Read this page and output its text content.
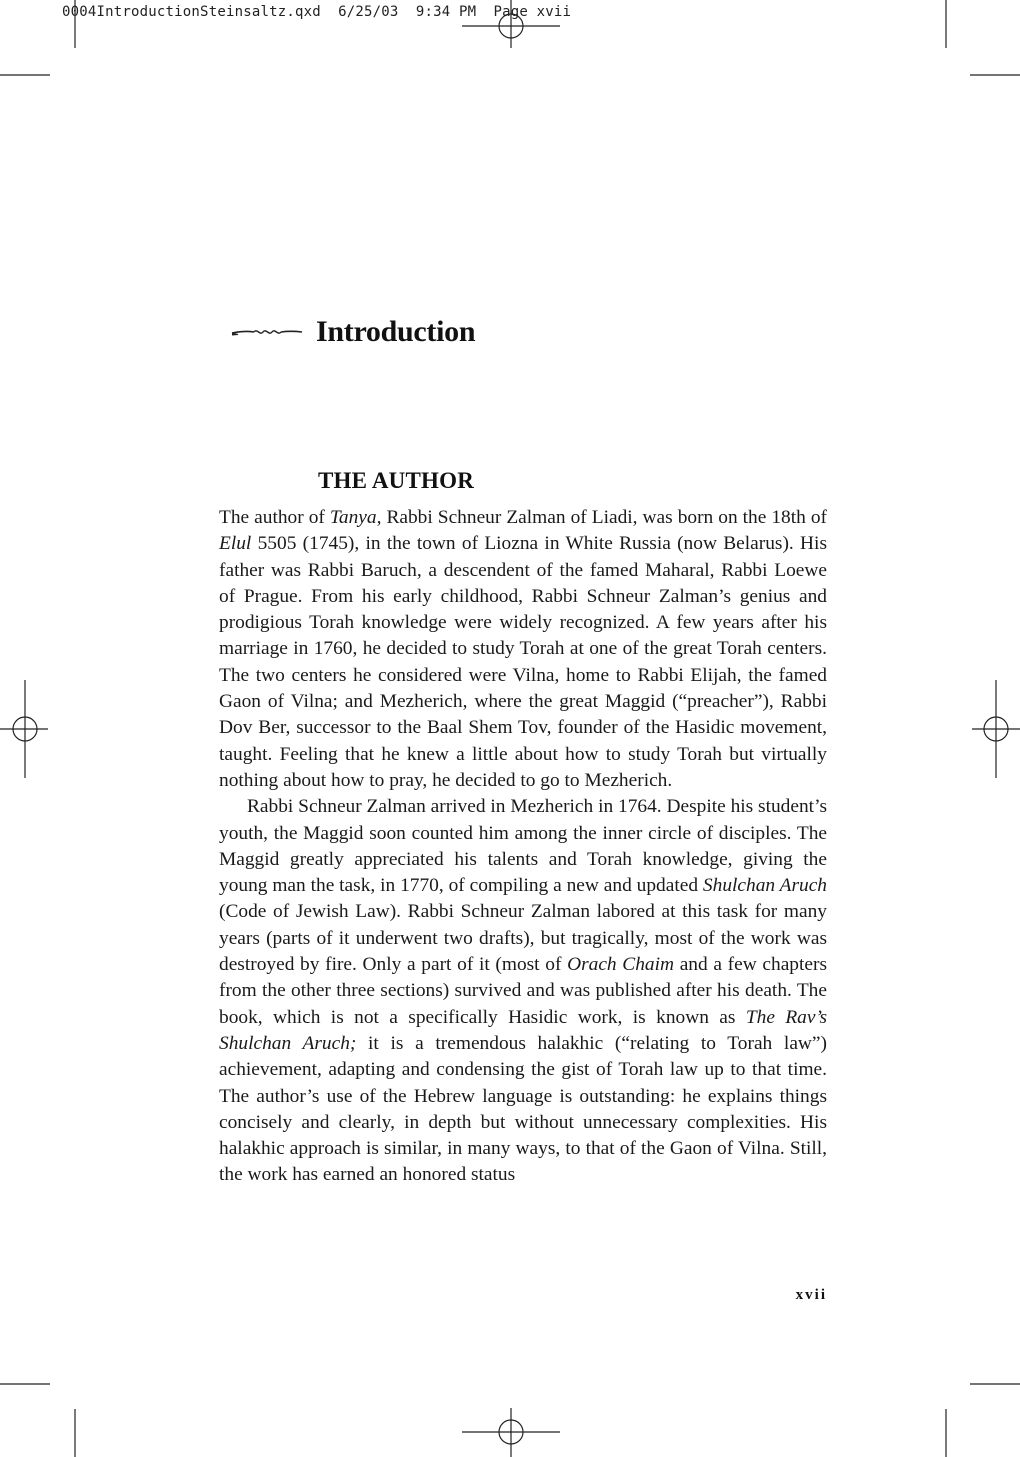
0004IntroductionSteinsaltz.qxd 6/25/03 9:34 PM Page xvii
Introduction
THE AUTHOR

The author of Tanya, Rabbi Schneur Zalman of Liadi, was born on the 18th of Elul 5505 (1745), in the town of Liozna in White Russia (now Belarus). His father was Rabbi Baruch, a descendent of the famed Maharal, Rabbi Loewe of Prague. From his early childhood, Rabbi Schneur Zalman’s genius and prodigious Torah knowledge were widely recognized. A few years after his marriage in 1760, he decided to study Torah at one of the great Torah centers. The two centers he considered were Vilna, home to Rabbi Elijah, the famed Gaon of Vilna; and Mezherich, where the great Maggid (“preacher”), Rabbi Dov Ber, successor to the Baal Shem Tov, founder of the Hasidic movement, taught. Feeling that he knew a little about how to study Torah but virtually nothing about how to pray, he decided to go to Mezherich.

Rabbi Schneur Zalman arrived in Mezherich in 1764. Despite his student’s youth, the Maggid soon counted him among the inner circle of disciples. The Maggid greatly appreciated his talents and Torah knowledge, giving the young man the task, in 1770, of compiling a new and updated Shulchan Aruch (Code of Jewish Law). Rabbi Schneur Zalman labored at this task for many years (parts of it underwent two drafts), but tragically, most of the work was destroyed by fire. Only a part of it (most of Orach Chaim and a few chapters from the other three sections) survived and was published after his death. The book, which is not a specifically Hasidic work, is known as The Rav’s Shulchan Aruch; it is a tremendous halakhic (“relating to Torah law”) achievement, adapting and condensing the gist of Torah law up to that time. The author’s use of the Hebrew language is outstanding: he explains things concisely and clearly, in depth but without unnecessary complexities. His halakhic approach is similar, in many ways, to that of the Gaon of Vilna. Still, the work has earned an honored status

xvii
